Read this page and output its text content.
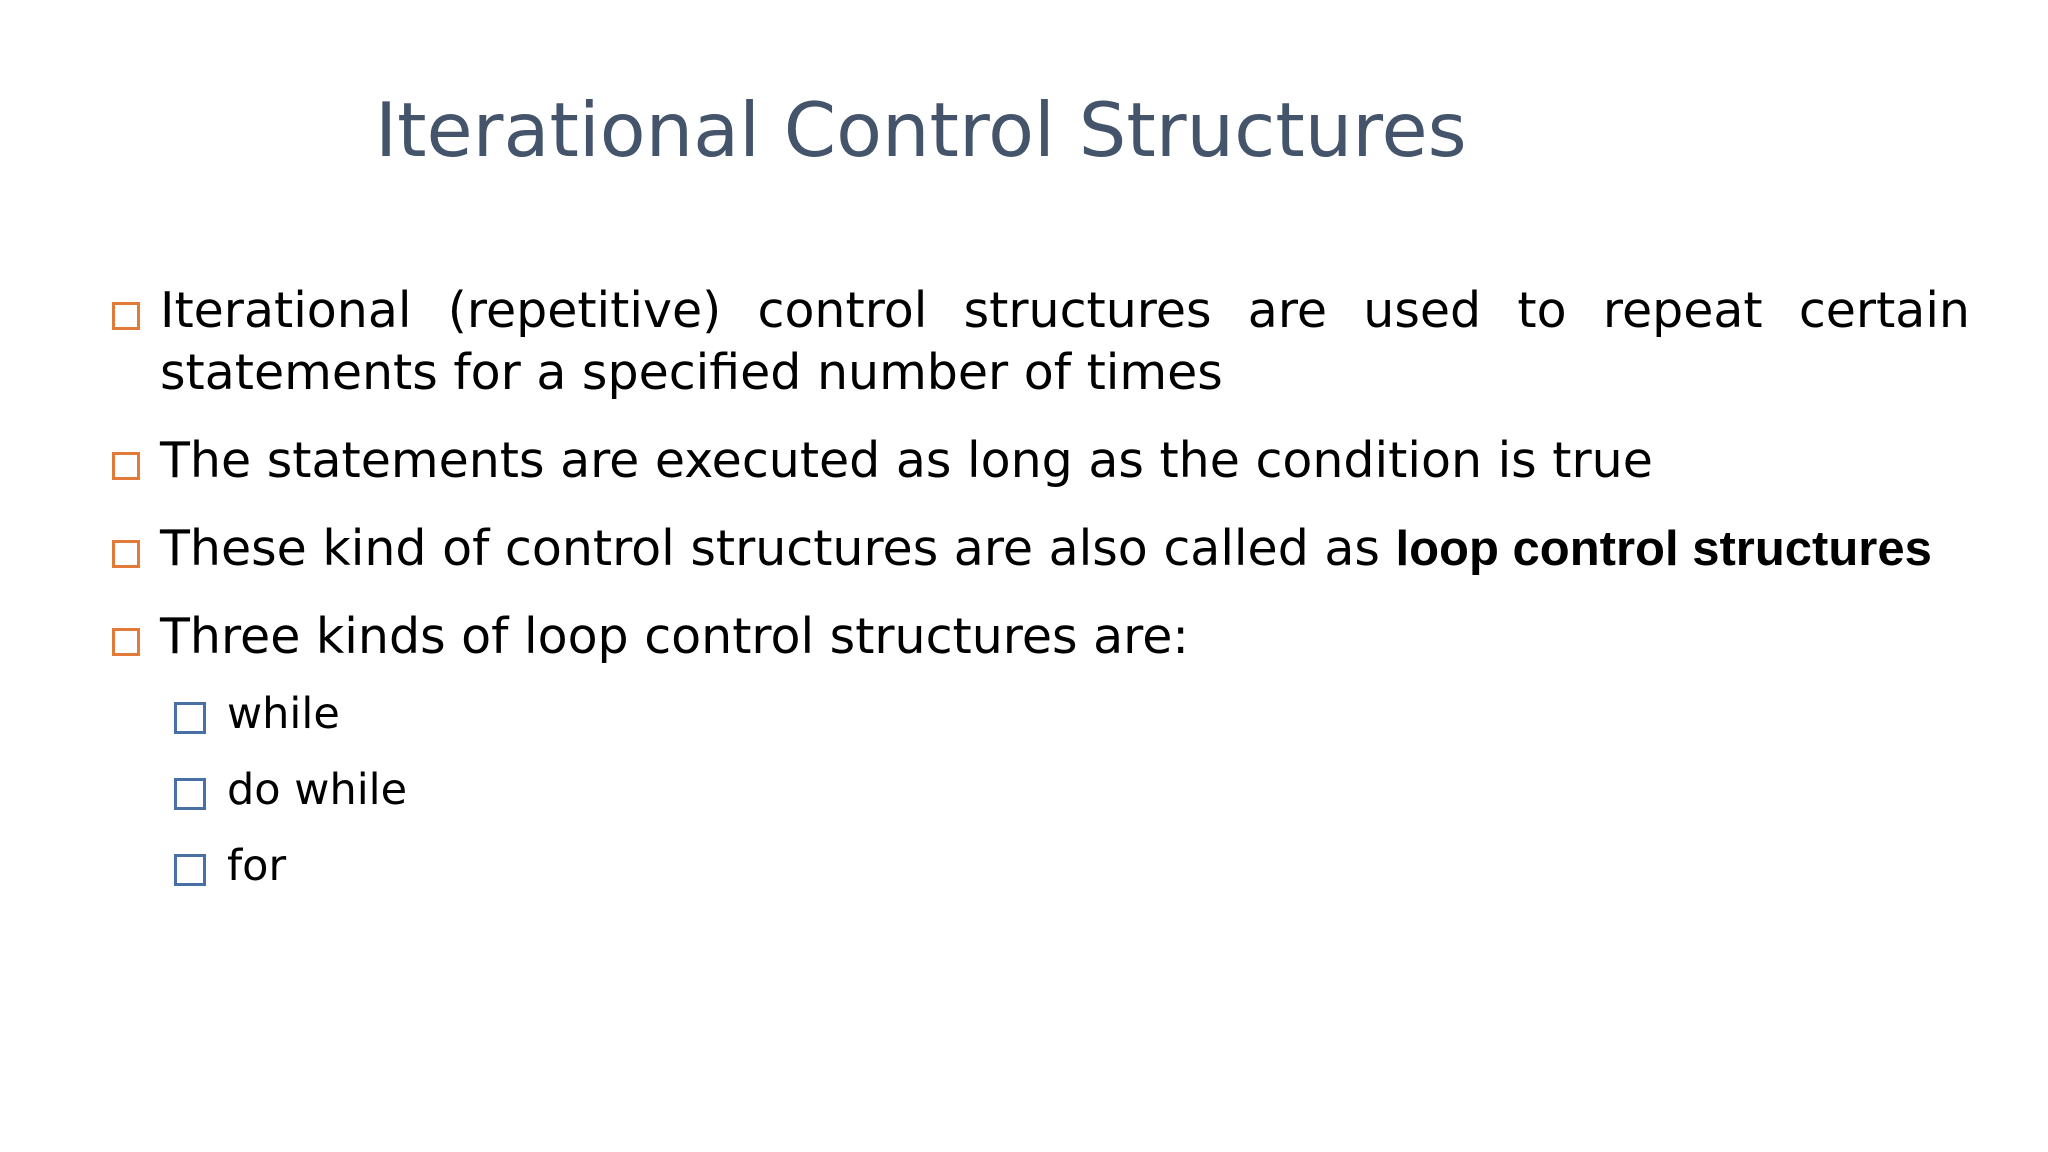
Iterational Control Structures
Iterational (repetitive) control structures are used to repeat certain statements for a specified number of times
The statements are executed as long as the condition is true
These kind of control structures are also called as loop control structures
Three kinds of loop control structures are:
while
do while
for
